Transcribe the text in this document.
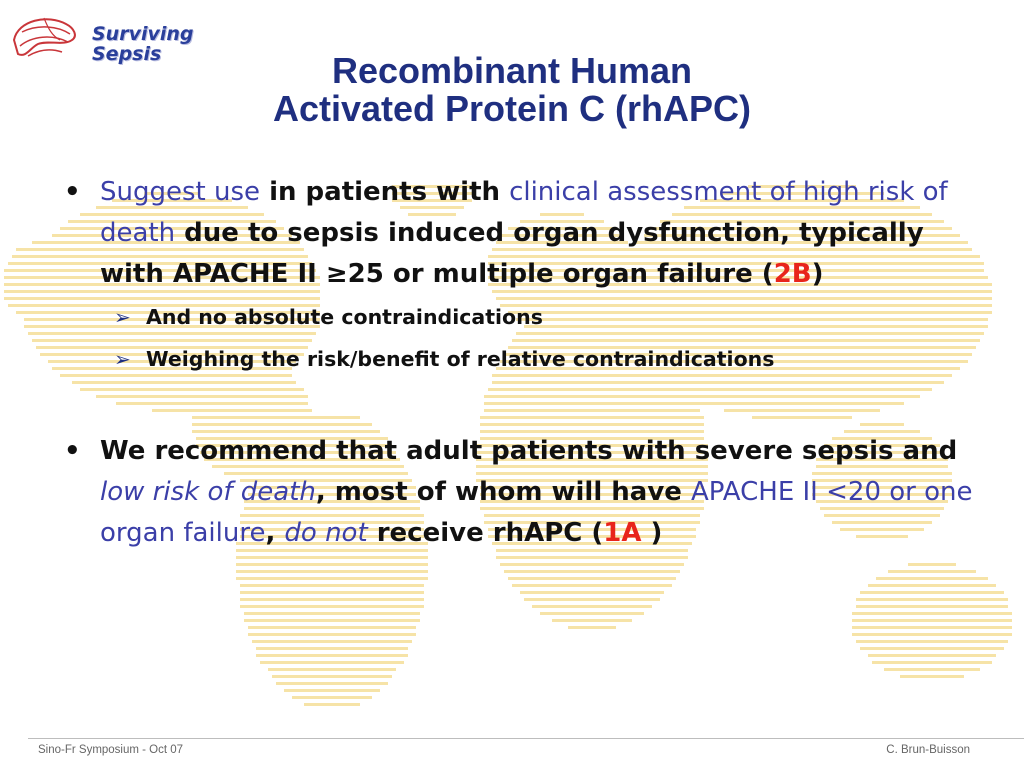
Surviving
Sepsis	Recombinant Human
Activated Protein C (rhAPC)
• Suggest use in patients with clinical assessment of high risk of death due to sepsis induced organ dysfunction, typically with APACHE II ≥25 or multiple organ failure (2B)
➢ And no absolute contraindications
➢ Weighing the risk/benefit of relative contraindications
• We recommend that adult patients with severe sepsis and low risk of death, most of whom will have APACHE II <20 or one organ failure, do not receive rhAPC (1A )
Sino-Fr Symposium - Oct 07	C. Brun-Buisson
